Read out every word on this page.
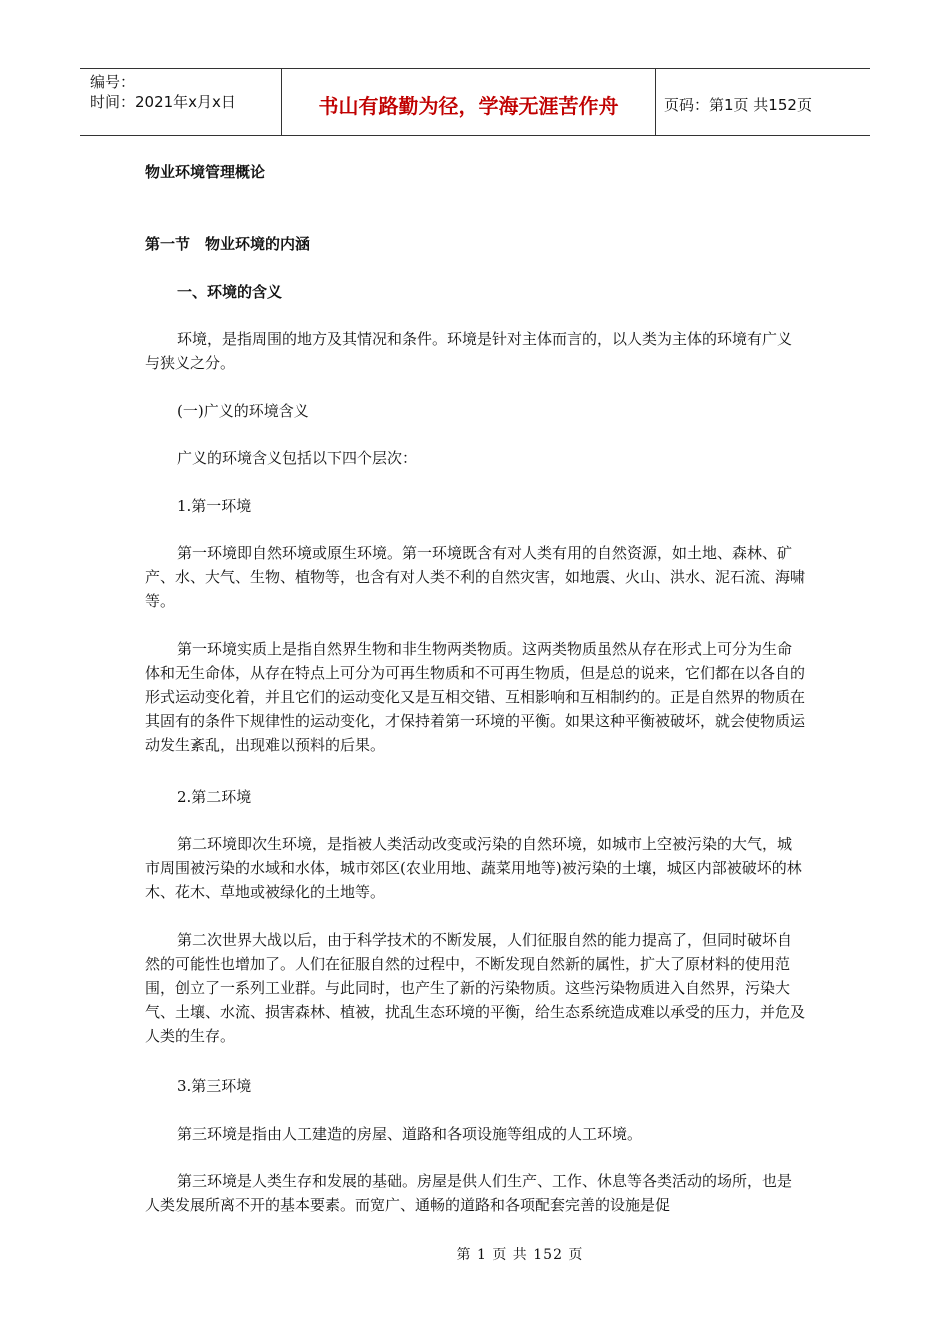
编号：
时间：2021年x月x日	书山有路勤为径，学海无涯苦作舟	页码：第1页 共152页

物业环境管理概论

第一节　物业环境的内涵

一、环境的含义

环境，是指周围的地方及其情况和条件。环境是针对主体而言的，以人类为主体的环境有广义与狭义之分。

(一)广义的环境含义

广义的环境含义包括以下四个层次：

1.第一环境

第一环境即自然环境或原生环境。第一环境既含有对人类有用的自然资源，如土地、森林、矿产、水、大气、生物、植物等，也含有对人类不利的自然灾害，如地震、火山、洪水、泥石流、海啸等。

第一环境实质上是指自然界生物和非生物两类物质。这两类物质虽然从存在形式上可分为生命体和无生命体，从存在特点上可分为可再生物质和不可再生物质，但是总的说来，它们都在以各自的形式运动变化着，并且它们的运动变化又是互相交错、互相影响和互相制约的。正是自然界的物质在其固有的条件下规律性的运动变化，才保持着第一环境的平衡。如果这种平衡被破坏，就会使物质运动发生紊乱，出现难以预料的后果。

2.第二环境

第二环境即次生环境，是指被人类活动改变或污染的自然环境，如城市上空被污染的大气，城市周围被污染的水域和水体，城市郊区(农业用地、蔬菜用地等)被污染的土壤，城区内部被破坏的林木、花木、草地或被绿化的土地等。

第二次世界大战以后，由于科学技术的不断发展，人们征服自然的能力提高了，但同时破坏自然的可能性也增加了。人们在征服自然的过程中，不断发现自然新的属性，扩大了原材料的使用范围，创立了一系列工业群。与此同时，也产生了新的污染物质。这些污染物质进入自然界，污染大气、土壤、水流、损害森林、植被，扰乱生态环境的平衡，给生态系统造成难以承受的压力，并危及人类的生存。

3.第三环境

第三环境是指由人工建造的房屋、道路和各项设施等组成的人工环境。

第三环境是人类生存和发展的基础。房屋是供人们生产、工作、休息等各类活动的场所，也是人类发展所离不开的基本要素。而宽广、通畅的道路和各项配套完善的设施是促

第 1 页 共 152 页
